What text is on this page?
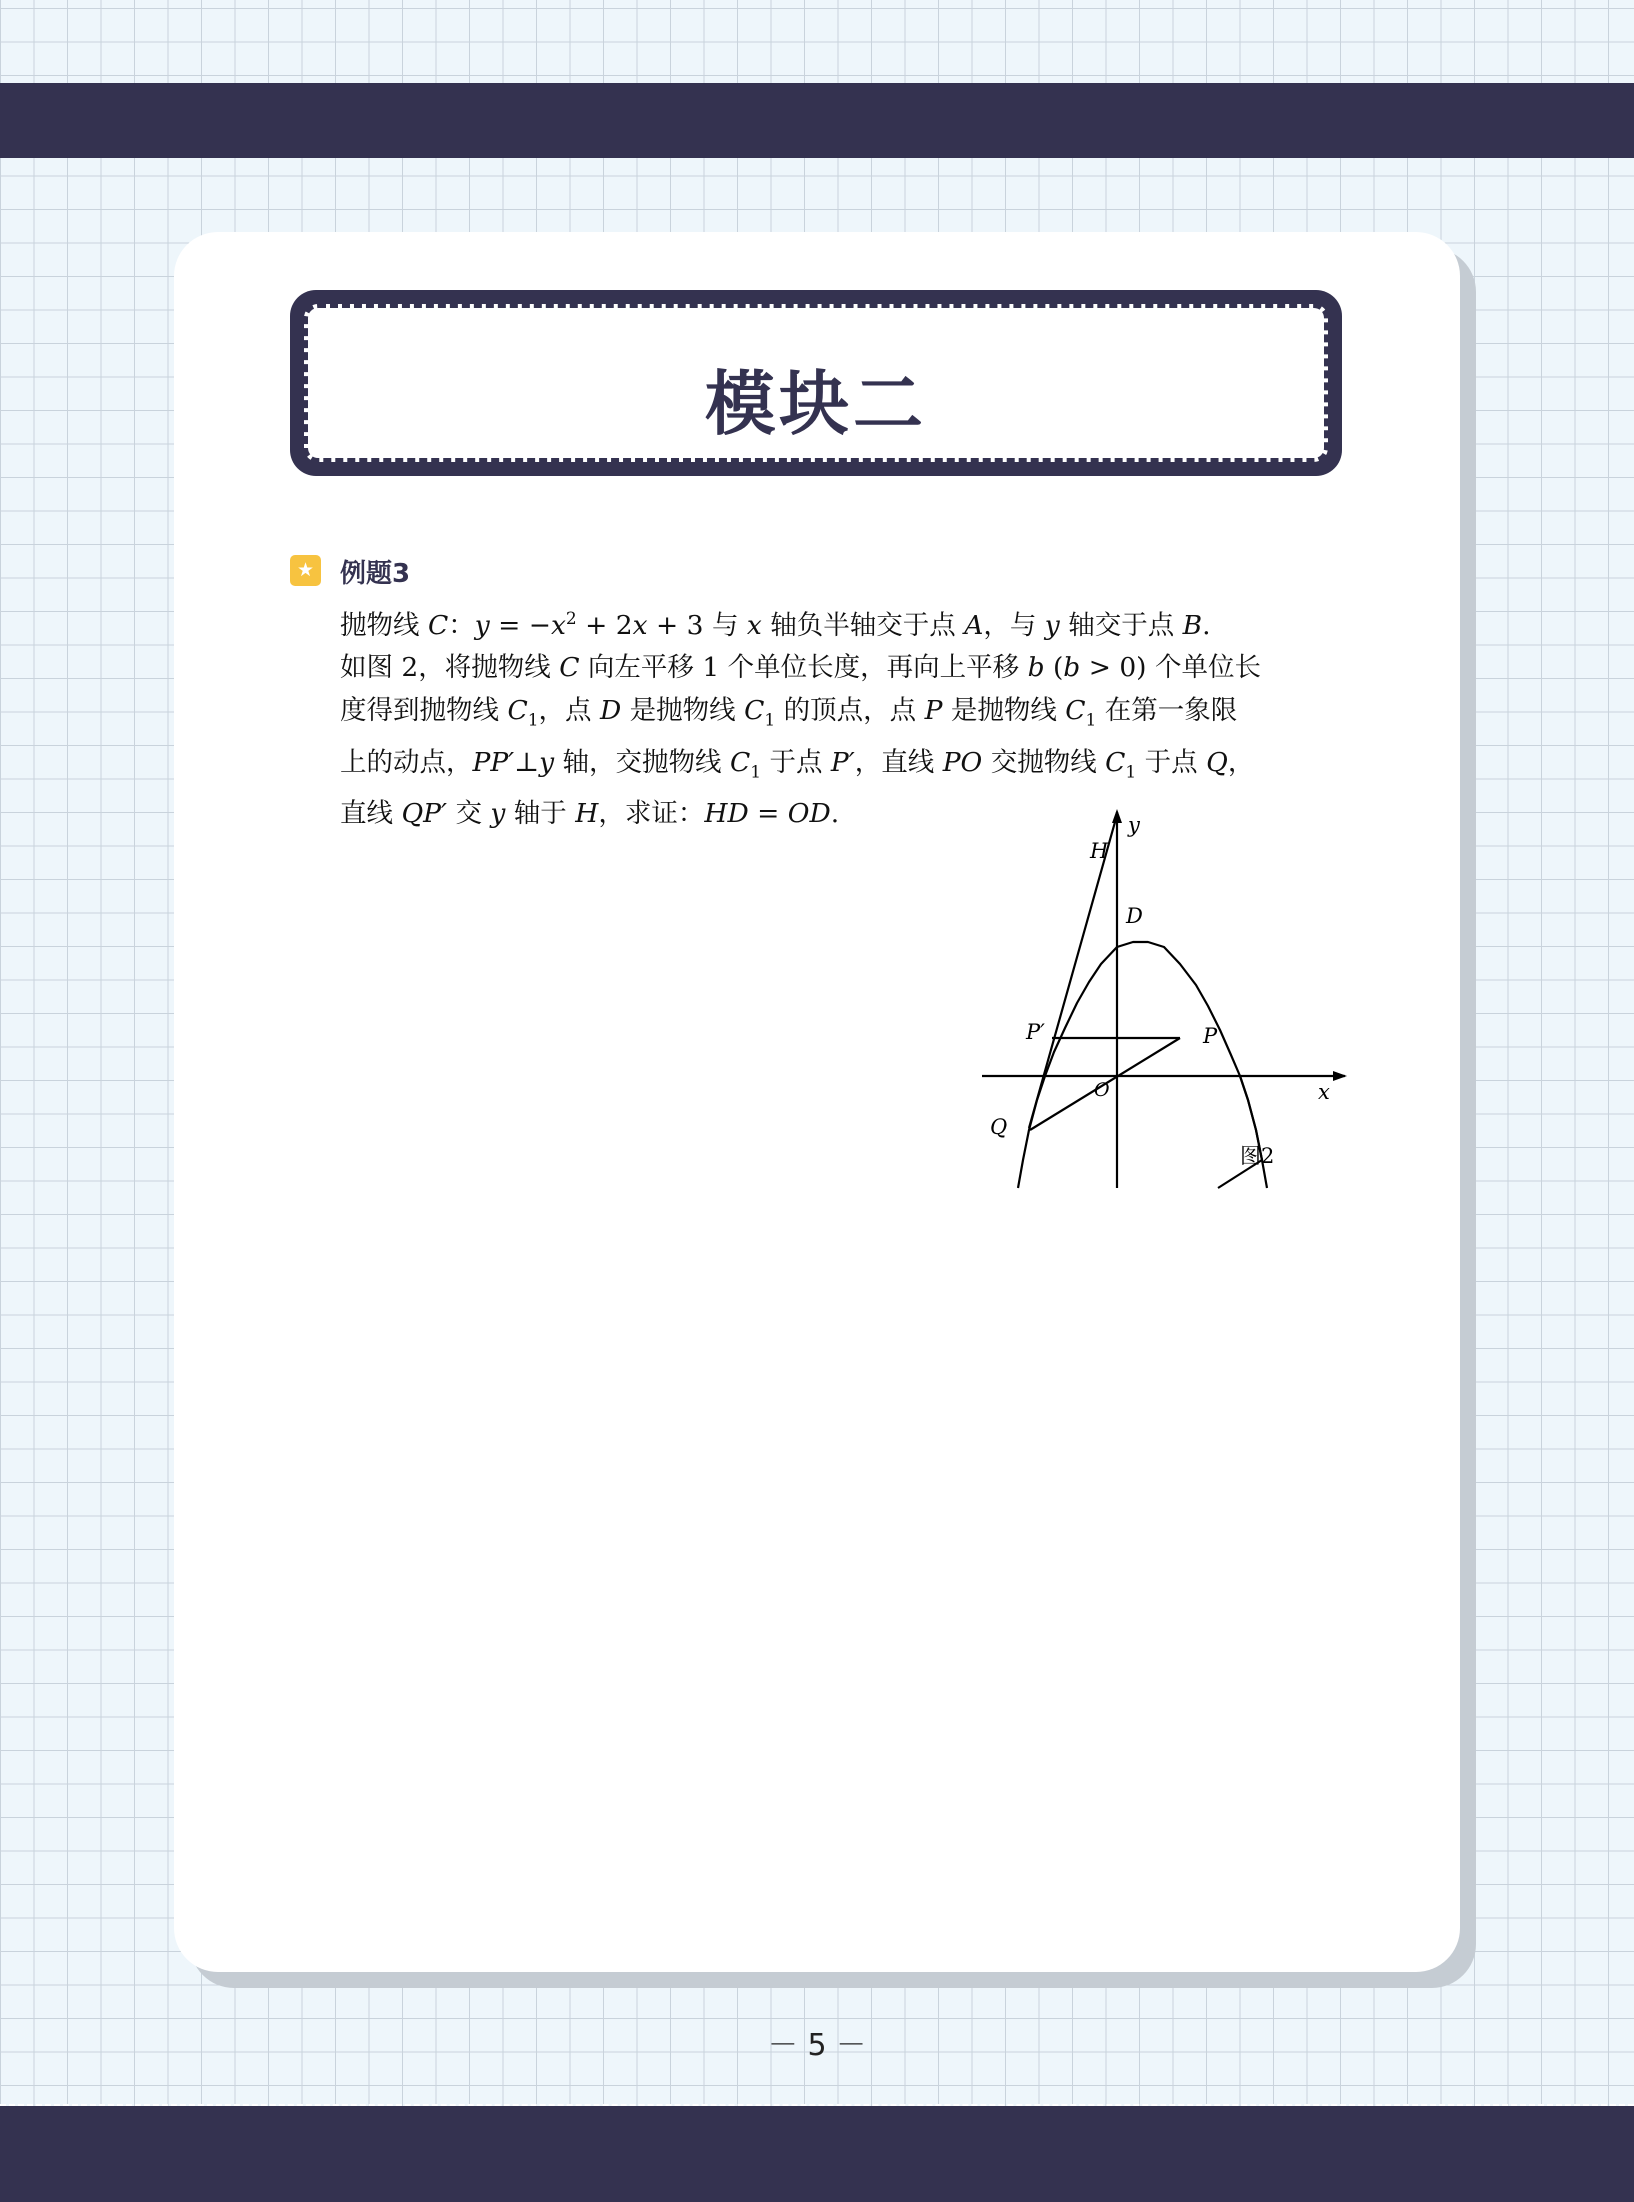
模块二
★ 例题3
抛物线 C：$y = -x^2 + 2x + 3$ 与 x 轴负半轴交于点 A，与 y 轴交于点 B.
如图 2，将抛物线 C 向左平移 1 个单位长度，再向上平移 b (b > 0) 个单位长
度得到抛物线 $C_1$，点 D 是抛物线 $C_1$ 的顶点，点 P 是抛物线 $C_1$ 在第一象限
上的动点，PP′⊥y 轴，交抛物线 $C_1$ 于点 P′，直线 PO 交抛物线 $C_1$ 于点 Q，
直线 QP′ 交 y 轴于 H，求证：HD = OD.	y
H
D
P′	P
O	x
Q
图2
－ 5 －
